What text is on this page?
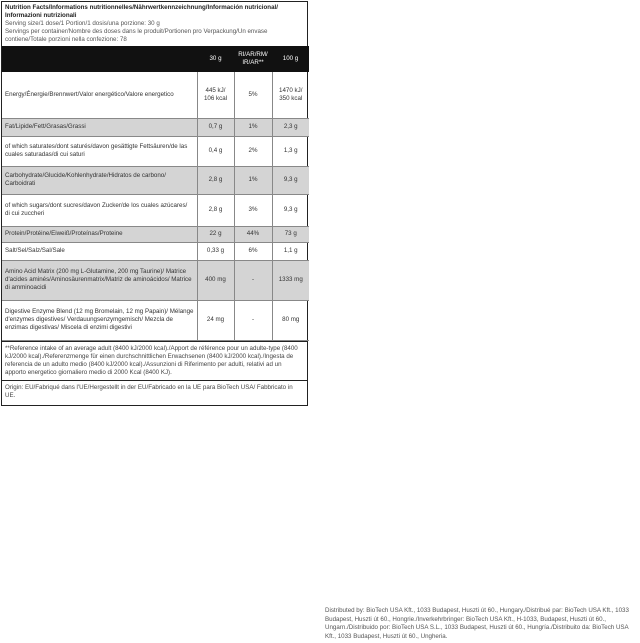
Nutrition Facts/Informations nutritionnelles/Nährwertkennzeichnung/Información nutricional/
Informazioni nutrizionali
Serving size/1 dose/1 Portion/1 dosis/una porzione: 30 g
Servings per container/Nombre des doses dans le produit/Portionen pro Verpackung/Un envase contiene/Totale porzioni nella confezione: 78
	30 g	RI/AR/RM/ IR/AR**	100 g
Energy/Énergie/Brennwert/Valor energético/Valore energetico	445 kJ/ 106 kcal	5%	1470 kJ/ 350 kcal
Fat/Lipide/Fett/Grasas/Grassi	0,7 g	1%	2,3 g
of which saturates/dont saturés/davon gesättigte Fettsäuren/de las cuales saturadas/di cui saturi	0,4 g	2%	1,3 g
Carbohydrate/Glucide/Kohlenhydrate/Hidratos de carbono/ Carboidrati	2,8 g	1%	9,3 g
of which sugars/dont sucres/davon Zucker/de los cuales azúcares/ di cui zuccheri	2,8 g	3%	9,3 g
Protein/Protéine/Eiweiß/Proteínas/Proteine	22 g	44%	73 g
Salt/Sel/Salz/Sal/Sale	0,33 g	6%	1,1 g
Amino Acid Matrix (200 mg L-Glutamine, 200 mg Taurine)/ Matrice d'acides aminés/Aminosäurenmatrix/Matriz de aminoácidos/ Matrice di amminoacidi	400 mg	-	1333 mg
Digestive Enzyme Blend (12 mg Bromelain, 12 mg Papain)/ Mélange d'enzymes digestives/ Verdauungsenzymgemisch/ Mezcla de enzimas digestivas/ Miscela di enzimi digestivi	24 mg	-	80 mg
**Reference intake of an average adult (8400 kJ/2000 kcal)./Apport de référence pour un adulte-type (8400 kJ/2000 kcal)./Referenzmenge für einen durchschnittlichen Erwachsenen (8400 kJ/2000 kcal)./Ingesta de referencia de un adulto medio (8400 kJ/2000 kcal)./Assunzioni di Riferimento per adulti, relativi ad un apporto energetico giornaliero medio di 2000 Kcal (8400 KJ).
Origin: EU/Fabriqué dans l'UE/Hergestellt in der EU/Fabricado en la UE para BioTech USA/ Fabbricato in UE.
Distributed by: BioTech USA Kft., 1033 Budapest, Huszti út 60., Hungary./Distribué par: BioTech USA Kft., 1033 Budapest, Huszti út 60., Hongrie./Inverkehrbringer: BioTech USA Kft., H-1033, Budapest, Huszti út 60., Ungarn./Distribuido por: BioTech USA S.L., 1033 Budapest, Huszti út 60., Hungría./Distribuito da: BioTech USA Kft., 1033 Budapest, Huszti út 60., Ungheria.
